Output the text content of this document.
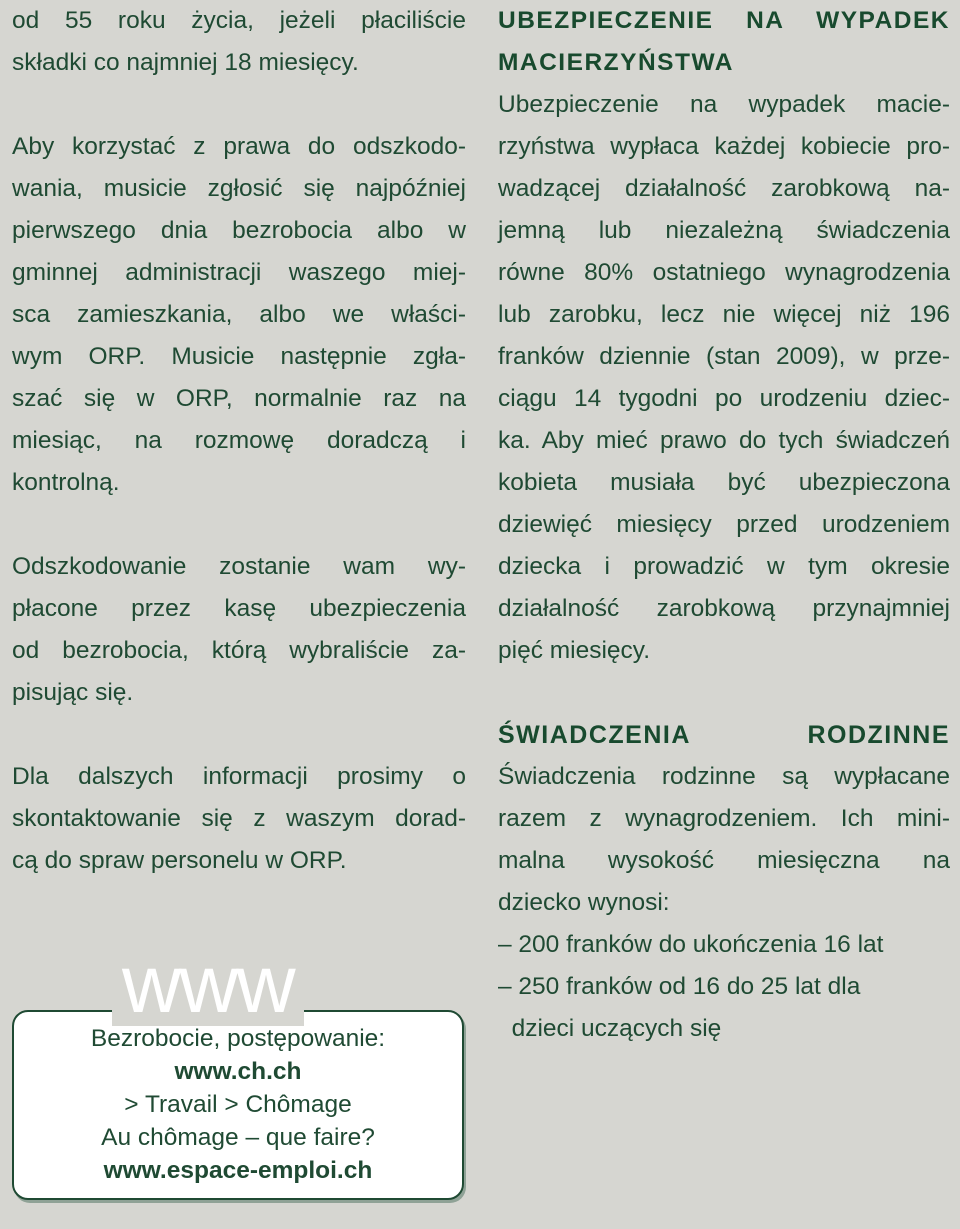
od 55 roku życia, jeżeli płaciliście
składki co najmniej 18 miesięcy.
Aby korzystać z prawa do odszkodo-
wania, musicie zgłosić się najpóźniej
pierwszego dnia bezrobocia albo w
gminnej administracji waszego miej-
sca zamieszkania, albo we właści-
wym ORP. Musicie następnie zgła-
szać się w ORP, normalnie raz na
miesiąc, na rozmowę doradczą i
kontrolną.
Odszkodowanie zostanie wam wy-
płacone przez kasę ubezpieczenia
od bezrobocia, którą wybraliście za-
pisując się.
Dla dalszych informacji prosimy o
skontaktowanie się z waszym dorad-
cą do spraw personelu w ORP.
www
Bezrobocie, postępowanie:
www.ch.ch
> Travail > Chômage
Au chômage – que faire?
www.espace-emploi.ch
UBEZPIECZENIE NA WYPADEK
MACIERZYŃSTWA
Ubezpieczenie na wypadek macie-
rzyństwa wypłaca każdej kobiecie pro-
wadzącej działalność zarobkową na-
jemną lub niezależną świadczenia
równe 80% ostatniego wynagrodzenia
lub zarobku, lecz nie więcej niż 196
franków dziennie (stan 2009), w prze-
ciągu 14 tygodni po urodzeniu dziec-
ka. Aby mieć prawo do tych świadczeń
kobieta musiała być ubezpieczona
dziewięć miesięcy przed urodzeniem
dziecka i prowadzić w tym okresie
działalność zarobkową przynajmniej
pięć miesięcy.
ŚWIADCZENIA RODZINNE
Świadczenia rodzinne są wypłacane
razem z wynagrodzeniem. Ich mini-
malna wysokość miesięczna na
dziecko wynosi:
– 200 franków do ukończenia 16 lat
– 250 franków od 16 do 25 lat dla
dzieci uczących się
